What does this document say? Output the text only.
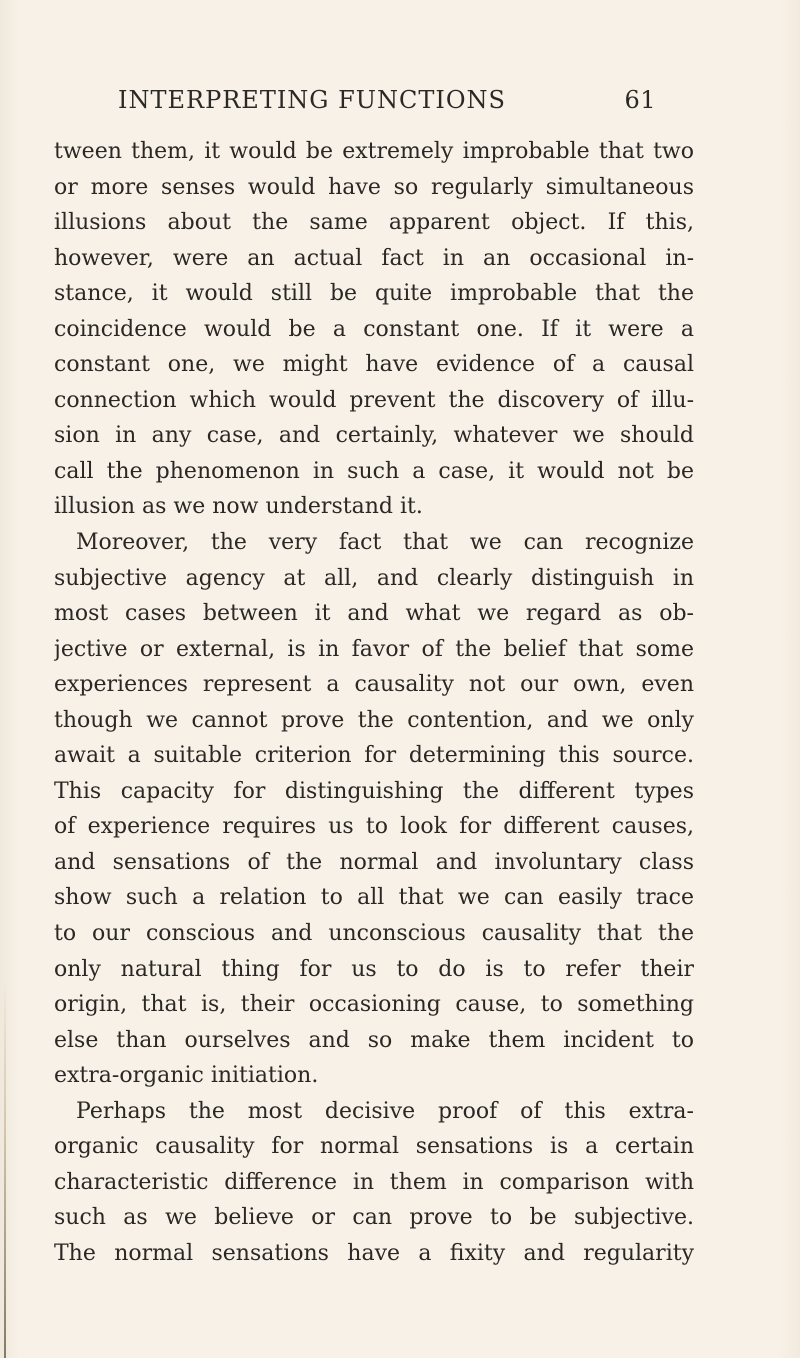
INTERPRETING FUNCTIONS	61
tween them, it would be extremely improbable that two
or more senses would have so regularly simultaneous
illusions about the same apparent object. If this,
however, were an actual fact in an occasional in-
stance, it would still be quite improbable that the
coincidence would be a constant one. If it were a
constant one, we might have evidence of a causal
connection which would prevent the discovery of illu-
sion in any case, and certainly, whatever we should
call the phenomenon in such a case, it would not be
illusion as we now understand it.
Moreover, the very fact that we can recognize
subjective agency at all, and clearly distinguish in
most cases between it and what we regard as ob-
jective or external, is in favor of the belief that some
experiences represent a causality not our own, even
though we cannot prove the contention, and we only
await a suitable criterion for determining this source.
This capacity for distinguishing the different types
of experience requires us to look for different causes,
and sensations of the normal and involuntary class
show such a relation to all that we can easily trace
to our conscious and unconscious causality that the
only natural thing for us to do is to refer their
origin, that is, their occasioning cause, to something
else than ourselves and so make them incident to
extra-organic initiation.
Perhaps the most decisive proof of this extra-
organic causality for normal sensations is a certain
characteristic difference in them in comparison with
such as we believe or can prove to be subjective.
The normal sensations have a fixity and regularity
